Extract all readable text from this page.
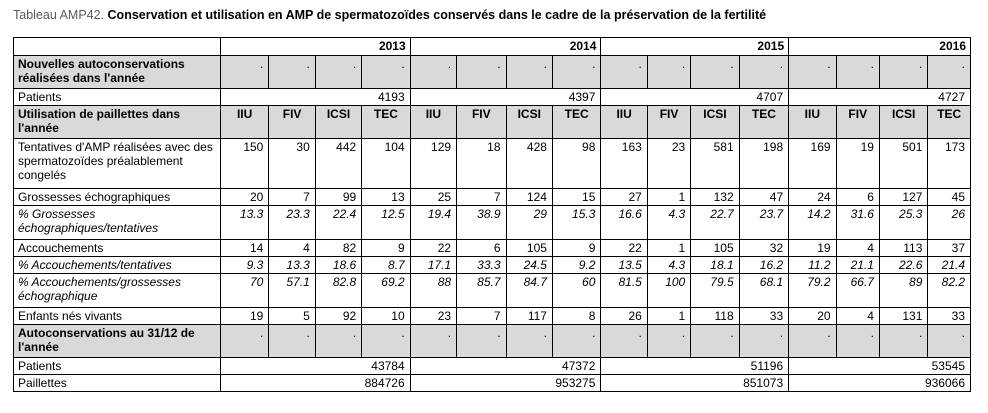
Tableau AMP42. Conservation et utilisation en AMP de spermatozoïdes conservés dans le cadre de la préservation de la fertilité
	2013				2014				2015				2016			
Nouvelles autoconservations réalisées dans l'année	.	.	.	.	.	.	.	.	.	.	.	.	.	.	.	.
Patients	4193				4397				4707				4727			
Utilisation de paillettes dans l'année	IIU	FIV	ICSI	TEC	IIU	FIV	ICSI	TEC	IIU	FIV	ICSI	TEC	IIU	FIV	ICSI	TEC
Tentatives d'AMP réalisées avec des spermatozoïdes préalablement congelés	150	30	442	104	129	18	428	98	163	23	581	198	169	19	501	173
Grossesses échographiques	20	7	99	13	25	7	124	15	27	1	132	47	24	6	127	45
% Grossesses échographiques/tentatives	13.3	23.3	22.4	12.5	19.4	38.9	29	15.3	16.6	4.3	22.7	23.7	14.2	31.6	25.3	26
Accouchements	14	4	82	9	22	6	105	9	22	1	105	32	19	4	113	37
% Accouchements/tentatives	9.3	13.3	18.6	8.7	17.1	33.3	24.5	9.2	13.5	4.3	18.1	16.2	11.2	21.1	22.6	21.4
% Accouchements/grossesses échographique	70	57.1	82.8	69.2	88	85.7	84.7	60	81.5	100	79.5	68.1	79.2	66.7	89	82.2
Enfants nés vivants	19	5	92	10	23	7	117	8	26	1	118	33	20	4	131	33
Autoconservations au 31/12 de l'année	.	.	.	.	.	.	.	.	.	.	.	.	.	.	.	.
Patients	43784				47372				51196				53545			
Paillettes	884726				953275				851073				936066			
